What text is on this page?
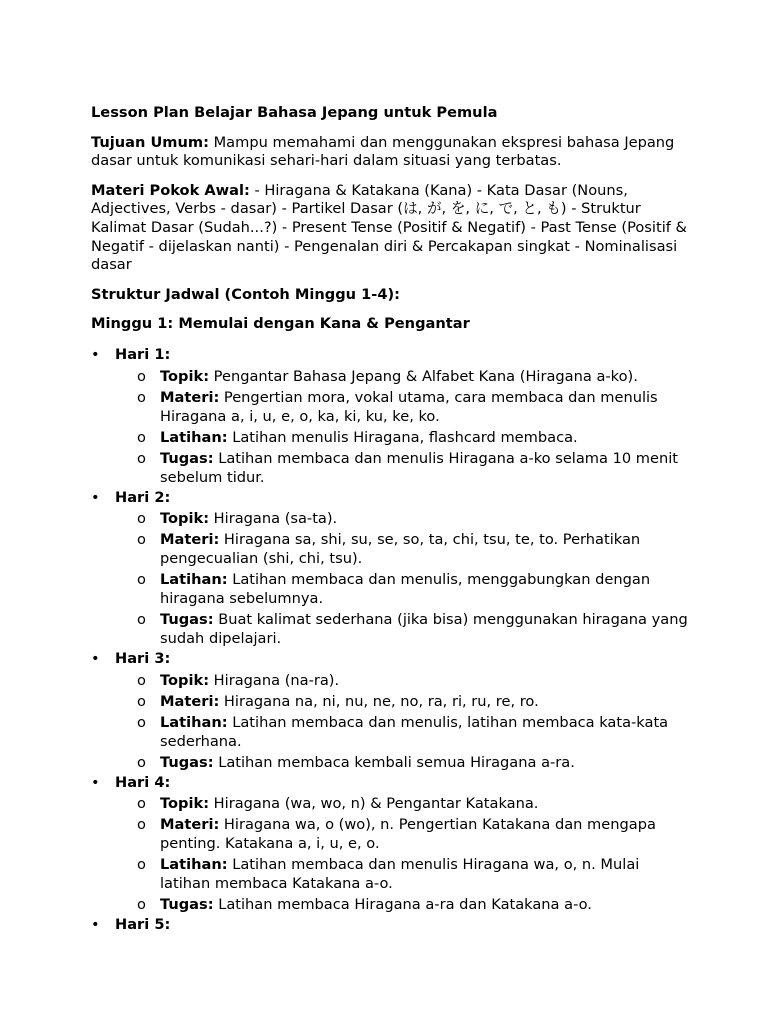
Lesson Plan Belajar Bahasa Jepang untuk Pemula
Tujuan Umum: Mampu memahami dan menggunakan ekspresi bahasa Jepang dasar untuk komunikasi sehari-hari dalam situasi yang terbatas.
Materi Pokok Awal: - Hiragana & Katakana (Kana) - Kata Dasar (Nouns, Adjectives, Verbs - dasar) - Partikel Dasar (は, が, を, に, で, と, も) - Struktur Kalimat Dasar (Sudah...?) - Present Tense (Positif & Negatif) - Past Tense (Positif & Negatif - dijelaskan nanti) - Pengenalan diri & Percakapan singkat - Nominalisasi dasar
Struktur Jadwal (Contoh Minggu 1-4):
Minggu 1: Memulai dengan Kana & Pengantar
• Hari 1:
o Topik: Pengantar Bahasa Jepang & Alfabet Kana (Hiragana a-ko).
o Materi: Pengertian mora, vokal utama, cara membaca dan menulis Hiragana a, i, u, e, o, ka, ki, ku, ke, ko.
o Latihan: Latihan menulis Hiragana, flashcard membaca.
o Tugas: Latihan membaca dan menulis Hiragana a-ko selama 10 menit sebelum tidur.
• Hari 2:
o Topik: Hiragana (sa-ta).
o Materi: Hiragana sa, shi, su, se, so, ta, chi, tsu, te, to. Perhatikan pengecualian (shi, chi, tsu).
o Latihan: Latihan membaca dan menulis, menggabungkan dengan hiragana sebelumnya.
o Tugas: Buat kalimat sederhana (jika bisa) menggunakan hiragana yang sudah dipelajari.
• Hari 3:
o Topik: Hiragana (na-ra).
o Materi: Hiragana na, ni, nu, ne, no, ra, ri, ru, re, ro.
o Latihan: Latihan membaca dan menulis, latihan membaca kata-kata sederhana.
o Tugas: Latihan membaca kembali semua Hiragana a-ra.
• Hari 4:
o Topik: Hiragana (wa, wo, n) & Pengantar Katakana.
o Materi: Hiragana wa, o (wo), n. Pengertian Katakana dan mengapa penting. Katakana a, i, u, e, o.
o Latihan: Latihan membaca dan menulis Hiragana wa, o, n. Mulai latihan membaca Katakana a-o.
o Tugas: Latihan membaca Hiragana a-ra dan Katakana a-o.
• Hari 5:
